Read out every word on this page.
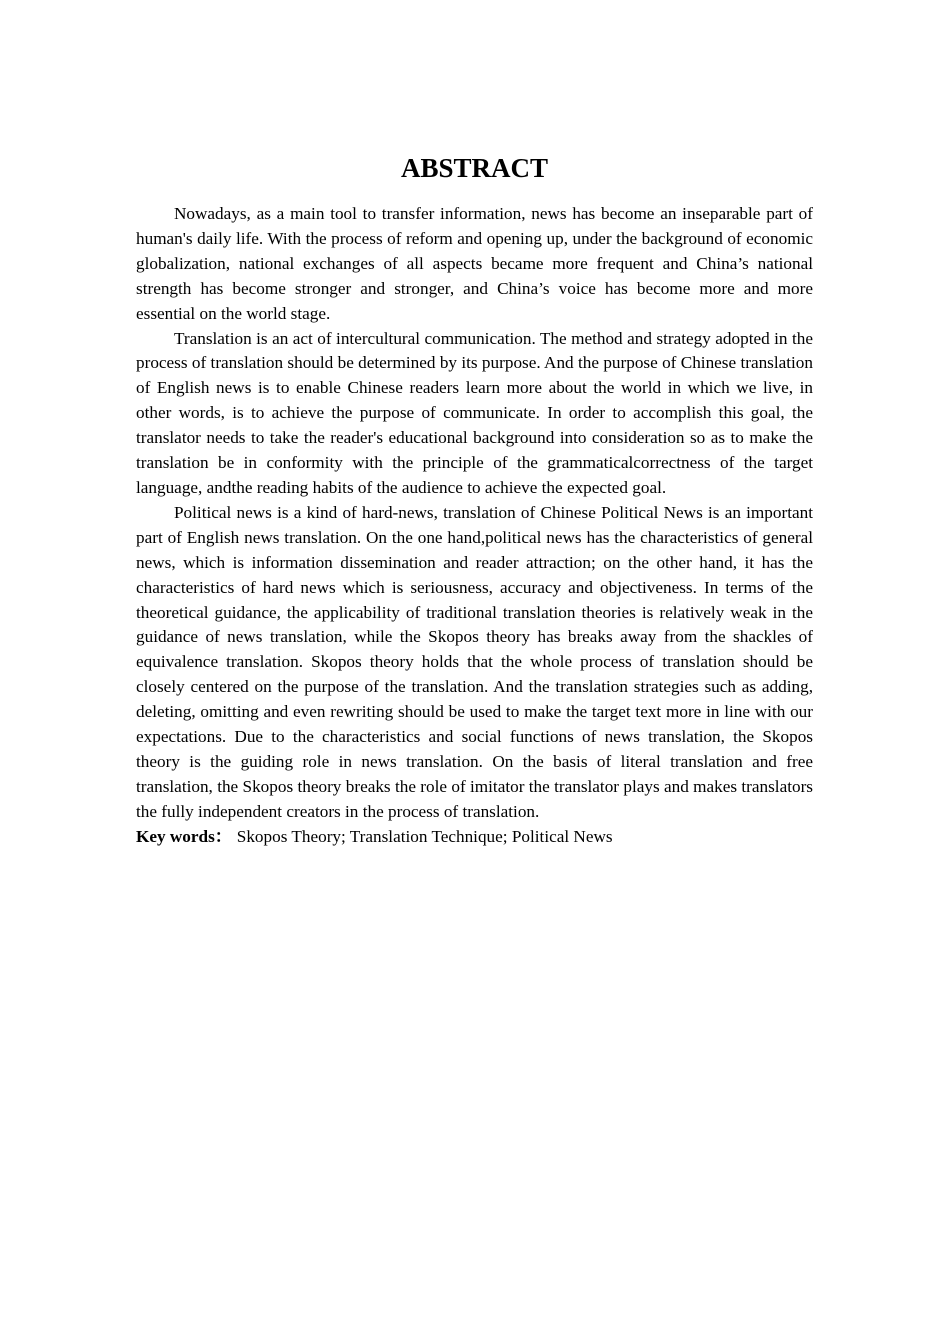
ABSTRACT

Nowadays, as a main tool to transfer information, news has become an inseparable part of human's daily life. With the process of reform and opening up, under the background of economic globalization, national exchanges of all aspects became more frequent and China’s national strength has become stronger and stronger, and China’s voice has become more and more essential on the world stage.

Translation is an act of intercultural communication. The method and strategy adopted in the process of translation should be determined by its purpose. And the purpose of Chinese translation of English news is to enable Chinese readers learn more about the world in which we live, in other words, is to achieve the purpose of communicate. In order to accomplish this goal, the translator needs to take the reader's educational background into consideration so as to make the translation be in conformity with the principle of the grammaticalcorrectness of the target language, andthe reading habits of the audience to achieve the expected goal.

Political news is a kind of hard-news, translation of Chinese Political News is an important part of English news translation. On the one hand,political news has the characteristics of general news, which is information dissemination and reader attraction; on the other hand, it has the characteristics of hard news which is seriousness, accuracy and objectiveness. In terms of the theoretical guidance, the applicability of traditional translation theories is relatively weak in the guidance of news translation, while the Skopos theory has breaks away from the shackles of equivalence translation. Skopos theory holds that the whole process of translation should be closely centered on the purpose of the translation. And the translation strategies such as adding, deleting, omitting and even rewriting should be used to make the target text more in line with our expectations. Due to the characteristics and social functions of news translation, the Skopos theory is the guiding role in news translation. On the basis of literal translation and free translation, the Skopos theory breaks the role of imitator the translator plays and makes translators the fully independent creators in the process of translation.

Key words： Skopos Theory; Translation Technique; Political News
